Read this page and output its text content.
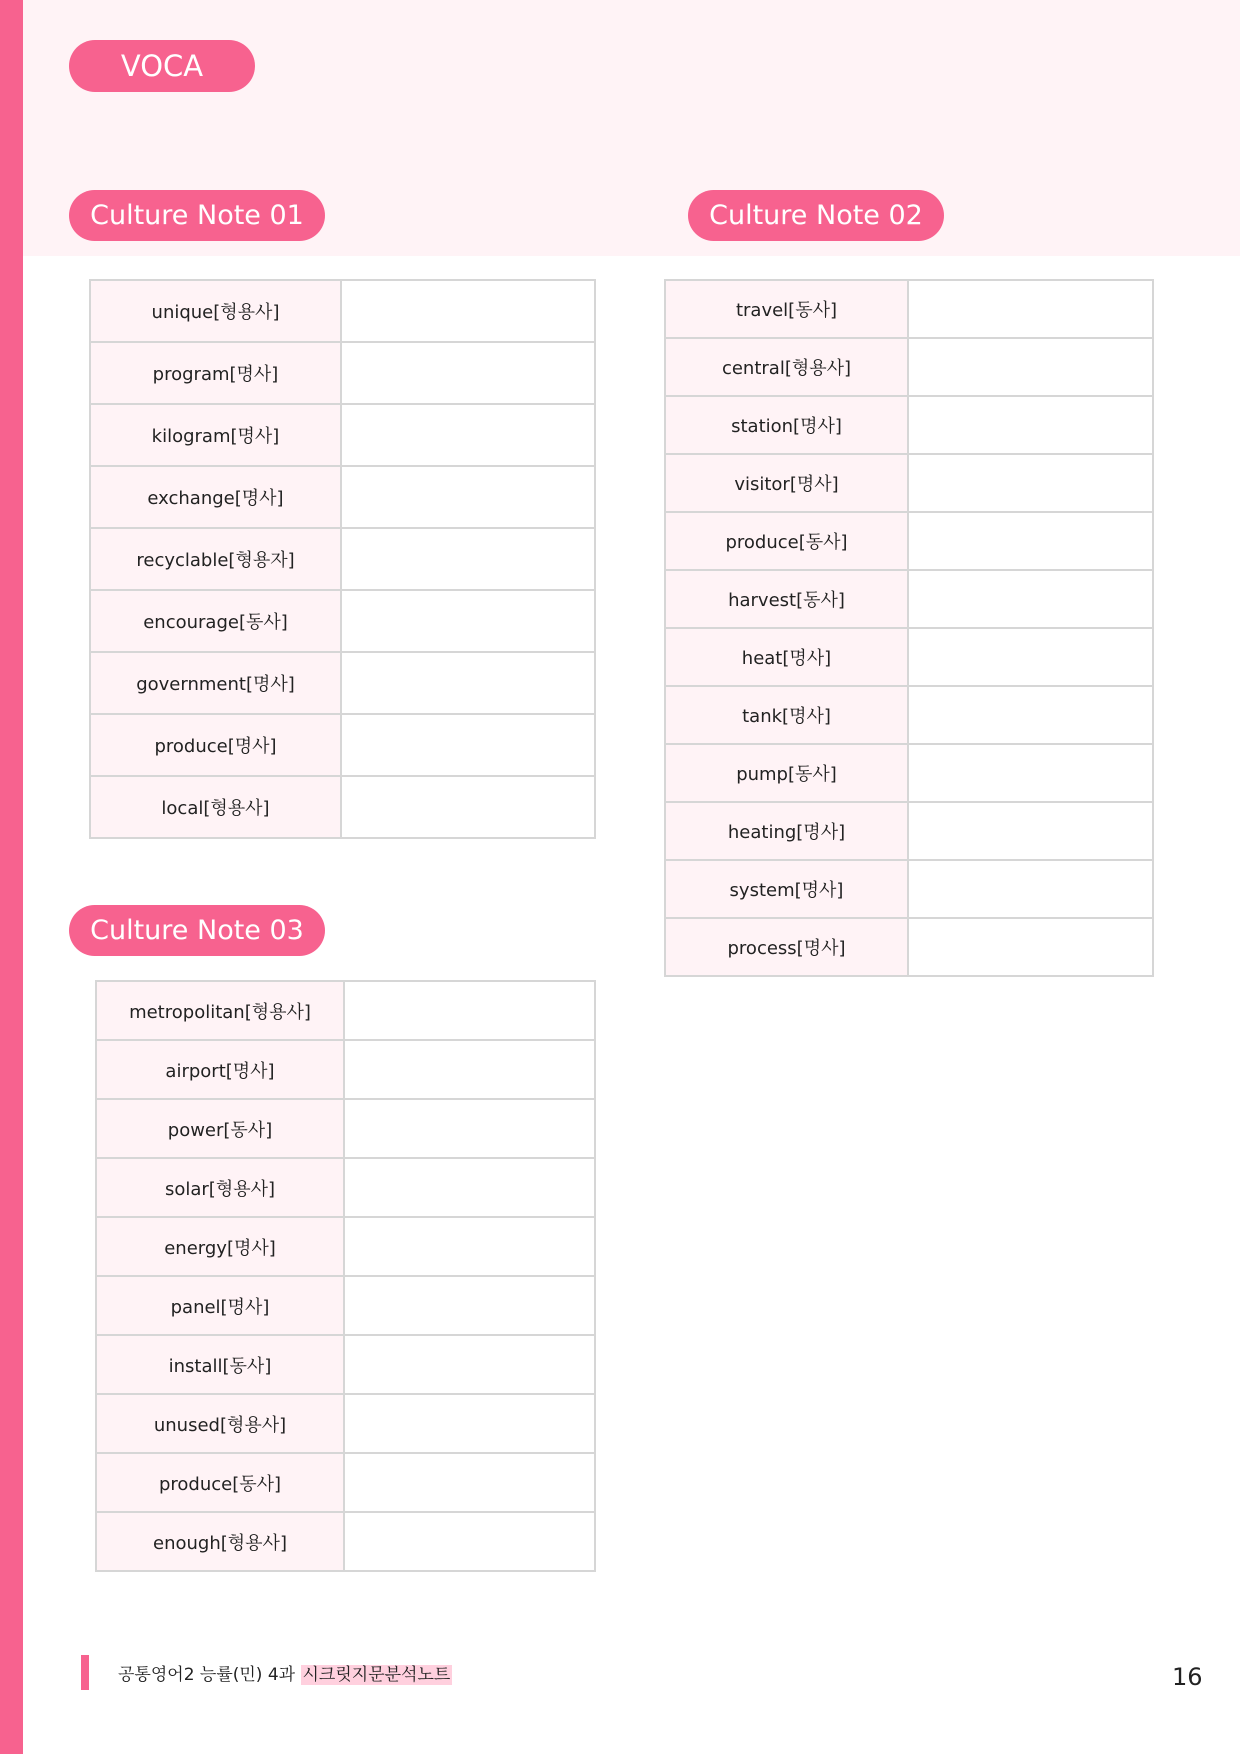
VOCA
Culture Note 01	Culture Note 02
Culture Note 03
unique[형용사]	
program[명사]	
kilogram[명사]	
exchange[명사]	
recyclable[형용자]	
encourage[동사]	
government[명사]	
produce[명사]	
local[형용사]	
travel[동사]	
central[형용사]	
station[명사]	
visitor[명사]	
produce[동사]	
harvest[동사]	
heat[명사]	
tank[명사]	
pump[동사]	
heating[명사]	
system[명사]	
process[명사]	
metropolitan[형용사]	
airport[명사]	
power[동사]	
solar[형용사]	
energy[명사]	
panel[명사]	
install[동사]	
unused[형용사]	
produce[동사]	
enough[형용사]	
공통영어2 능률(민) 4과 시크릿지문분석노트	16
